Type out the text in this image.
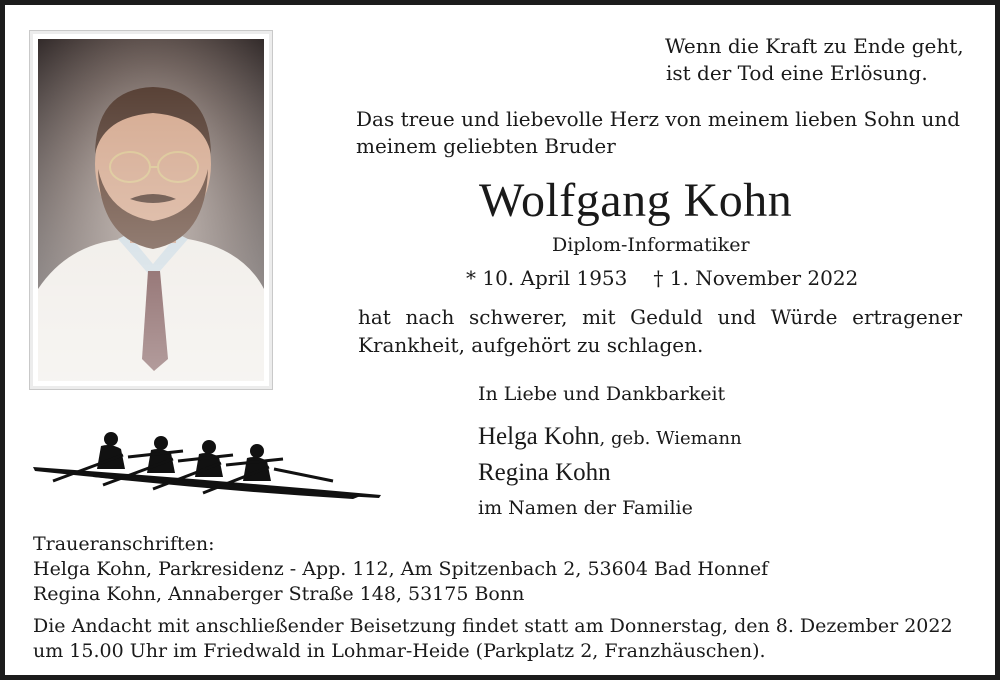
Wenn die Kraft zu Ende geht,
ist der Tod eine Erlösung.
Das treue und liebevolle Herz von meinem lieben Sohn und meinem geliebten Bruder
Wolfgang Kohn
Diplom-Informatiker
* 10. April 1953 † 1. November 2022
hat nach schwerer, mit Geduld und Würde ertragener Krankheit, aufgehört zu schlagen.
In Liebe und Dankbarkeit
Helga Kohn, geb. Wiemann
Regina Kohn
im Namen der Familie
Traueranschriften:
Helga Kohn, Parkresidenz - App. 112, Am Spitzenbach 2, 53604 Bad Honnef
Regina Kohn, Annaberger Straße 148, 53175 Bonn
Die Andacht mit anschließender Beisetzung findet statt am Donnerstag, den 8. Dezember 2022
um 15.00 Uhr im Friedwald in Lohmar-Heide (Parkplatz 2, Franzhäuschen).
